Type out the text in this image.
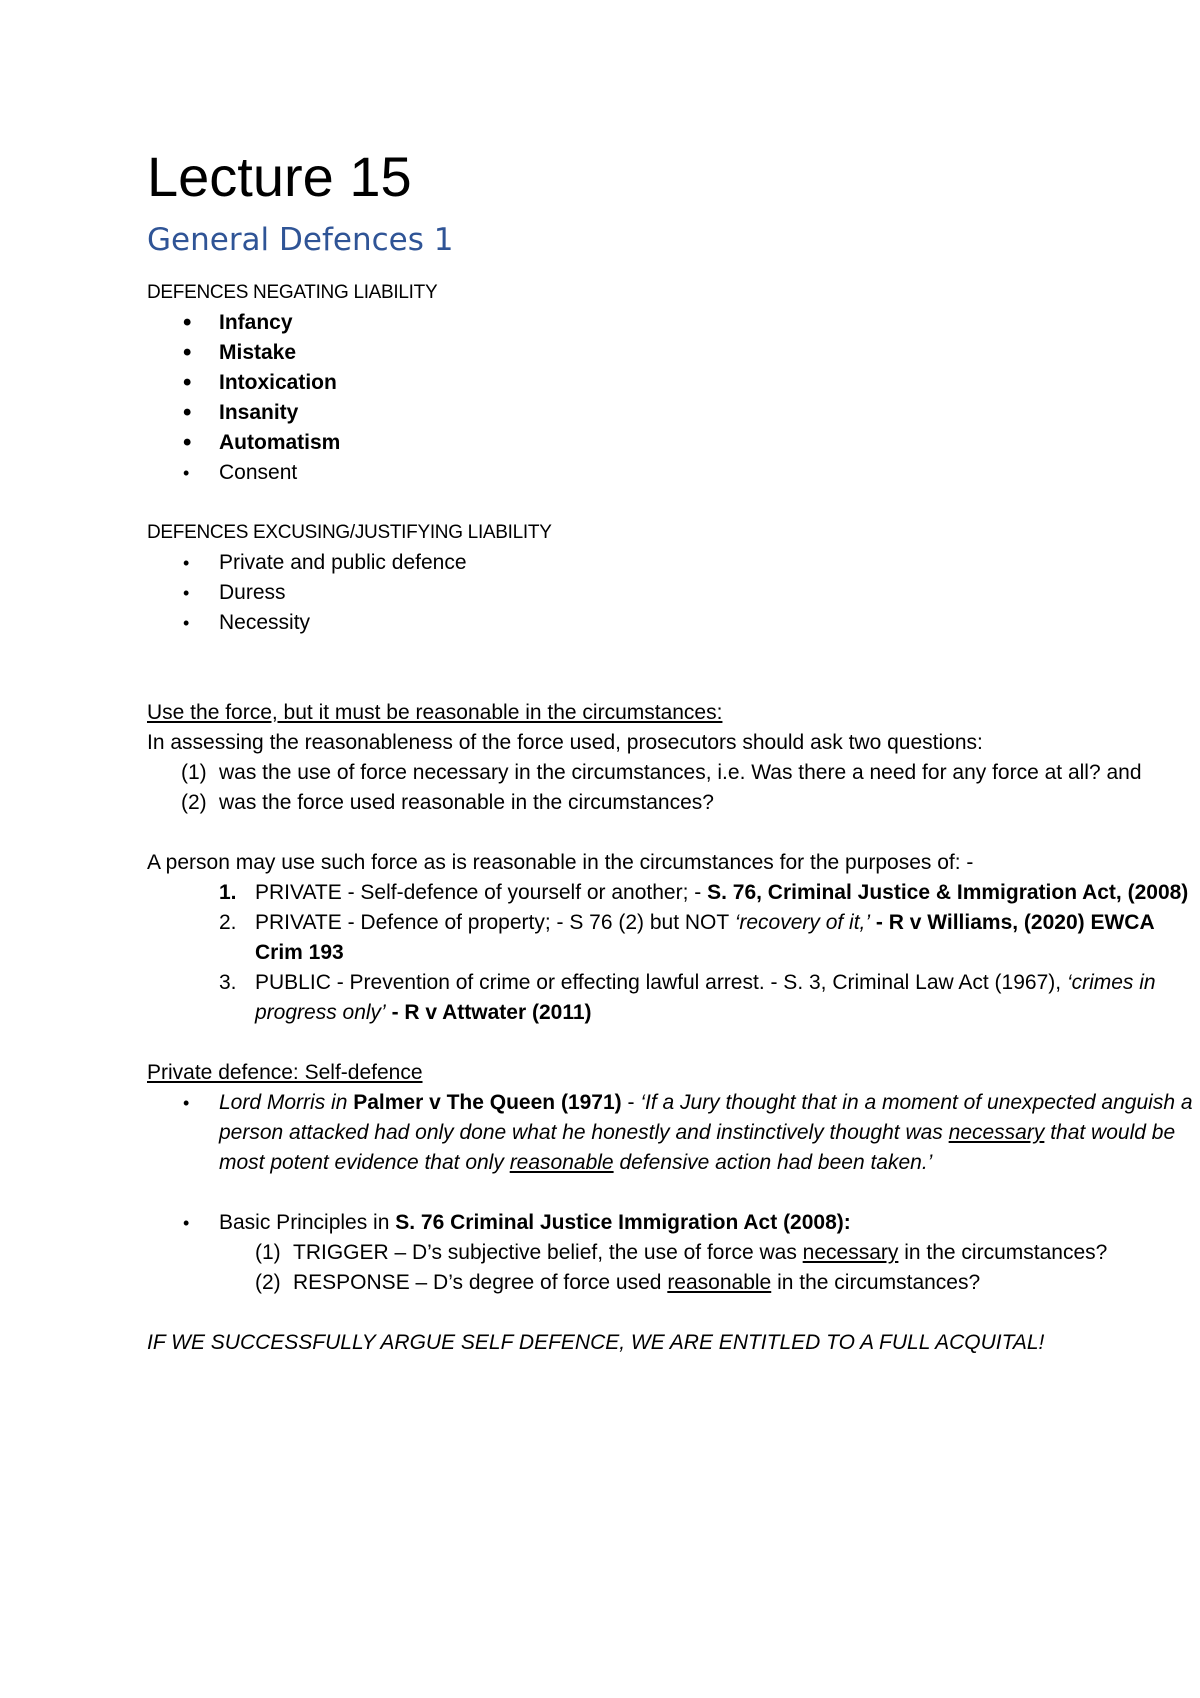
Lecture 15
General Defences 1
DEFENCES NEGATING LIABILITY
• Infancy
• Mistake
• Intoxication
• Insanity
• Automatism
• Consent
DEFENCES EXCUSING/JUSTIFYING LIABILITY
• Private and public defence
• Duress
• Necessity
Use the force, but it must be reasonable in the circumstances:
In assessing the reasonableness of the force used, prosecutors should ask two questions:
(1) was the use of force necessary in the circumstances, i.e. Was there a need for any force at all? and
(2) was the force used reasonable in the circumstances?
A person may use such force as is reasonable in the circumstances for the purposes of: -
1. PRIVATE - Self-defence of yourself or another; - S. 76, Criminal Justice & Immigration Act, (2008)
2. PRIVATE - Defence of property; - S 76 (2) but NOT ‘recovery of it,’ - R v Williams, (2020) EWCA Crim 193
3. PUBLIC - Prevention of crime or effecting lawful arrest. - S. 3, Criminal Law Act (1967), ‘crimes in progress only’ - R v Attwater (2011)
Private defence: Self-defence
• Lord Morris in Palmer v The Queen (1971) - ‘If a Jury thought that in a moment of unexpected anguish a person attacked had only done what he honestly and instinctively thought was necessary that would be most potent evidence that only reasonable defensive action had been taken.’
• Basic Principles in S. 76 Criminal Justice Immigration Act (2008):
(1) TRIGGER – D’s subjective belief, the use of force was necessary in the circumstances?
(2) RESPONSE – D’s degree of force used reasonable in the circumstances?
IF WE SUCCESSFULLY ARGUE SELF DEFENCE, WE ARE ENTITLED TO A FULL ACQUITAL!
